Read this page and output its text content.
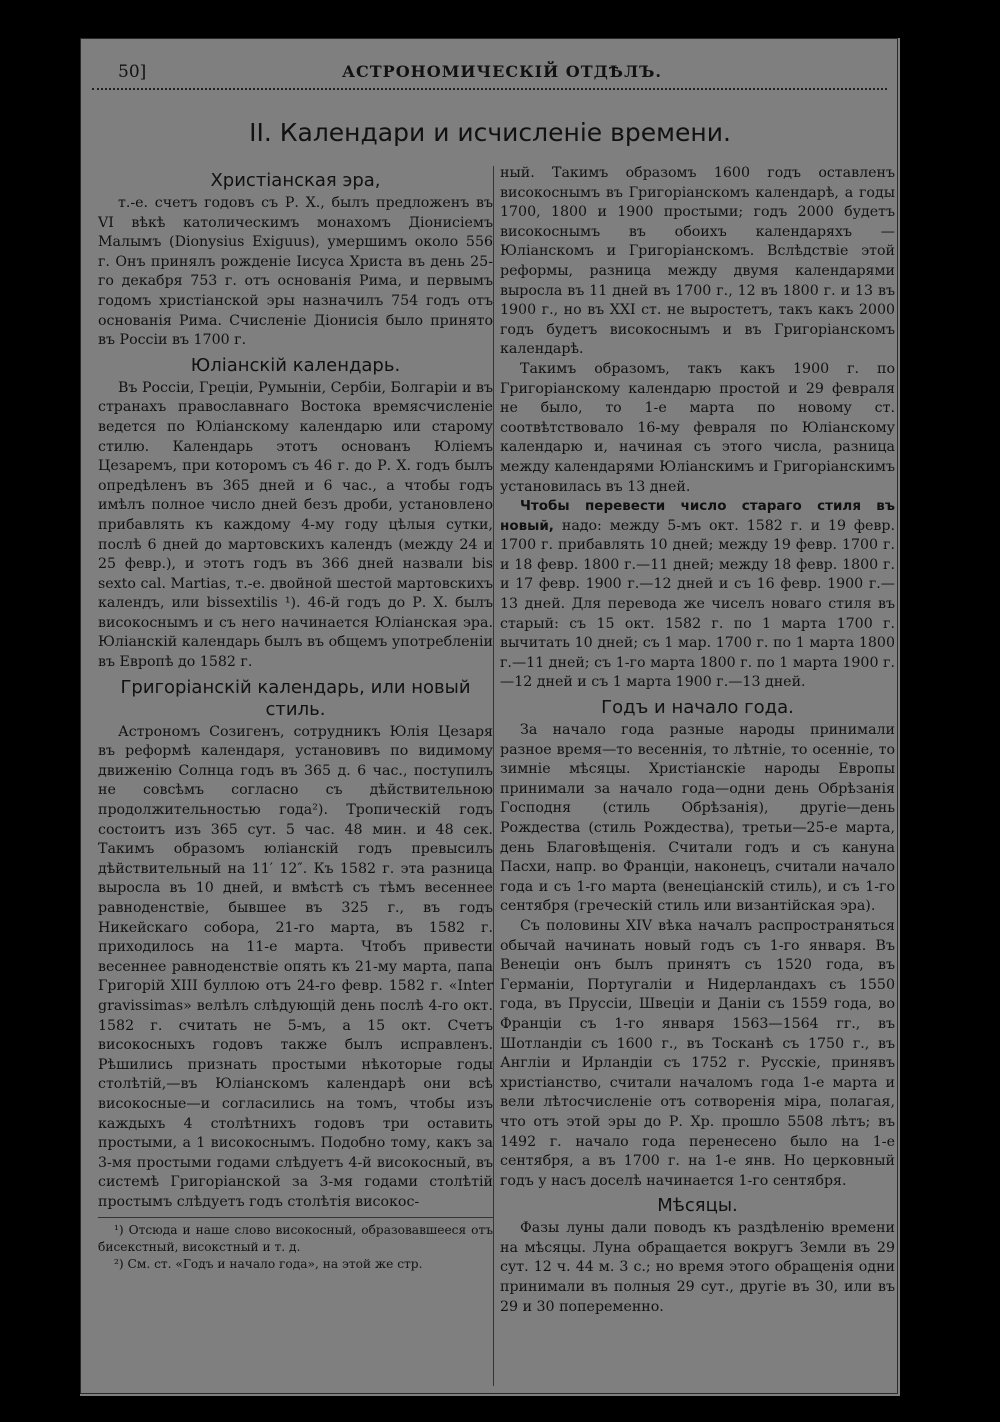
50]	АСТРОНОМИЧЕСКІЙ ОТДѢЛЪ.
II. Календари и исчисленіе времени.
Христіанская эра,

т.-е. счетъ годовъ съ Р. Х., былъ предложенъ въ VI вѣкѣ католическимъ монахомъ Діонисіемъ Малымъ (Dionysius Exiguus), умершимъ около 556 г. Онъ принялъ рожденіе Іисуса Христа въ день 25-го декабря 753 г. отъ основанія Рима, и первымъ годомъ христіанской эры назначилъ 754 годъ отъ основанія Рима. Счисленіе Діонисія было принято въ Россіи въ 1700 г.

Юліанскій календарь.

Въ Россіи, Греціи, Румыніи, Сербіи, Болгаріи и въ странахъ православнаго Востока времясчисленіе ведется по Юліанскому календарю или старому стилю. Календарь этотъ основанъ Юліемъ Цезаремъ, при которомъ съ 46 г. до Р. Х. годъ былъ опредѣленъ въ 365 дней и 6 час., а чтобы годъ имѣлъ полное число дней безъ дроби, установлено прибавлять къ каждому 4-му году цѣлыя сутки, послѣ 6 дней до мартовскихъ календъ (между 24 и 25 февр.), и этотъ годъ въ 366 дней назвали bis sexto cal. Martias, т.-е. двойной шестой мартовскихъ календъ, или bissextilis ¹). 46-й годъ до Р. Х. былъ високоснымъ и съ него начинается Юліанская эра. Юліанскій календарь былъ въ общемъ употребленіи въ Европѣ до 1582 г.

Григоріанскій календарь, или новый стиль.

Астрономъ Созигенъ, сотрудникъ Юлія Цезаря въ реформѣ календаря, установивъ по видимому движенію Солнца годъ въ 365 д. 6 час., поступилъ не совсѣмъ согласно съ дѣйствительною продолжительностью года²). Тропическій годъ состоитъ изъ 365 сут. 5 час. 48 мин. и 48 сек. Такимъ образомъ юліанскій годъ превысилъ дѣйствительный на 11′ 12″. Къ 1582 г. эта разница выросла въ 10 дней, и вмѣстѣ съ тѣмъ весеннее равноденствіе, бывшее въ 325 г., въ годъ Никейскаго собора, 21-го марта, въ 1582 г. приходилось на 11-е марта. Чтобъ привести весеннее равноденствіе опять къ 21-му марта, папа Григорій XIII буллою отъ 24-го февр. 1582 г. «Inter gravissimas» велѣлъ слѣдующій день послѣ 4-го окт. 1582 г. считать не 5-мъ, а 15 окт. Счетъ високосныхъ годовъ также былъ исправленъ. Рѣшились признать простыми нѣкоторые годы столѣтій,—въ Юліанскомъ календарѣ они всѣ високосные—и согласились на томъ, чтобы изъ каждыхъ 4 столѣтнихъ годовъ три оставить простыми, а 1 високоснымъ. Подобно тому, какъ за 3-мя простыми годами слѣдуетъ 4-й високосный, въ системѣ Григоріанской за 3-мя годами столѣтій простымъ слѣдуетъ годъ столѣтія високос-

¹) Отсюда и наше слово високосный, образовавшееся отъ бисекстный, високстный и т. д.

²) См. ст. «Годъ и начало года», на этой же стр.

ный. Такимъ образомъ 1600 годъ оставленъ високоснымъ въ Григоріанскомъ календарѣ, а годы 1700, 1800 и 1900 простыми; годъ 2000 будетъ високоснымъ въ обоихъ календаряхъ — Юліанскомъ и Григоріанскомъ. Вслѣдствіе этой реформы, разница между двумя календарями выросла въ 11 дней въ 1700 г., 12 въ 1800 г. и 13 въ 1900 г., но въ XXI ст. не выростетъ, такъ какъ 2000 годъ будетъ високоснымъ и въ Григоріанскомъ календарѣ.

Такимъ образомъ, такъ какъ 1900 г. по Григоріанскому календарю простой и 29 февраля не было, то 1-е марта по новому ст. соотвѣтствовало 16-му февраля по Юліанскому календарю и, начиная съ этого числа, разница между календарями Юліанскимъ и Григоріанскимъ установилась въ 13 дней.

Чтобы перевести число стараго стиля въ новый, надо: между 5-мъ окт. 1582 г. и 19 февр. 1700 г. прибавлять 10 дней; между 19 февр. 1700 г. и 18 февр. 1800 г.—11 дней; между 18 февр. 1800 г. и 17 февр. 1900 г.—12 дней и съ 16 февр. 1900 г.—13 дней. Для перевода же чиселъ новаго стиля въ старый: съ 15 окт. 1582 г. по 1 марта 1700 г. вычитать 10 дней; съ 1 мар. 1700 г. по 1 марта 1800 г.—11 дней; съ 1-го марта 1800 г. по 1 марта 1900 г.—12 дней и съ 1 марта 1900 г.—13 дней.

Годъ и начало года.

За начало года разные народы принимали разное время—то весеннія, то лѣтніе, то осенніе, то зимніе мѣсяцы. Христіанскіе народы Европы принимали за начало года—одни день Обрѣзанія Господня (стиль Обрѣзанія), другіе—день Рождества (стиль Рождества), третьи—25-е марта, день Благовѣщенія. Считали годъ и съ кануна Пасхи, напр. во Франціи, наконецъ, считали начало года и съ 1-го марта (венеціанскій стиль), и съ 1-го сентября (греческій стиль или византійская эра).

Съ половины XIV вѣка началъ распространяться обычай начинать новый годъ съ 1-го января. Въ Венеціи онъ былъ принятъ съ 1520 года, въ Германіи, Португаліи и Нидерландахъ съ 1550 года, въ Пруссіи, Швеціи и Даніи съ 1559 года, во Франціи съ 1-го января 1563—1564 гг., въ Шотландіи съ 1600 г., въ Тосканѣ съ 1750 г., въ Англіи и Ирландіи съ 1752 г. Русскіе, принявъ христіанство, считали началомъ года 1-е марта и вели лѣтосчисленіе отъ сотворенія міра, полагая, что отъ этой эры до Р. Хр. прошло 5508 лѣтъ; въ 1492 г. начало года перенесено было на 1-е сентября, а въ 1700 г. на 1-е янв. Но церковный годъ у насъ доселѣ начинается 1-го сентября.

Мѣсяцы.

Фазы луны дали поводъ къ раздѣленію времени на мѣсяцы. Луна обращается вокругъ Земли въ 29 сут. 12 ч. 44 м. 3 с.; но время этого обращенія одни принимали въ полныя 29 сут., другіе въ 30, или въ 29 и 30 попеременно.
